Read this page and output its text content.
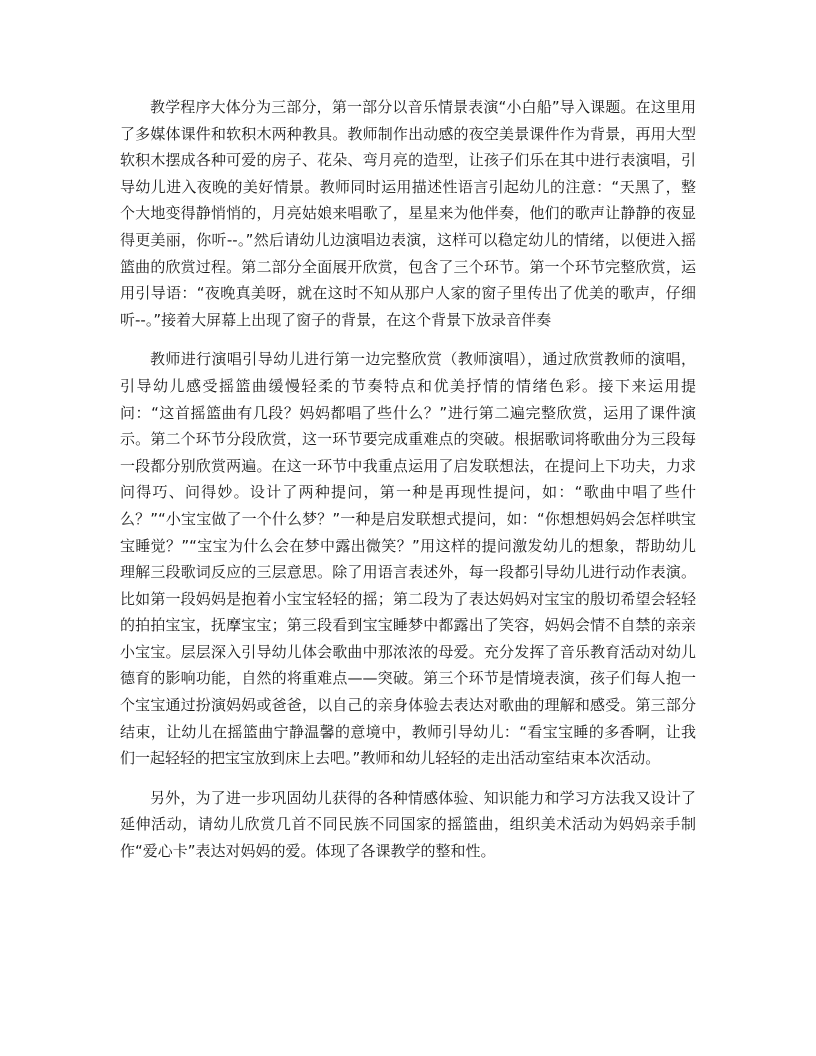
教学程序大体分为三部分，第一部分以音乐情景表演“小白船”导入课题。在这里用了多媒体课件和软积木两种教具。教师制作出动感的夜空美景课件作为背景，再用大型软积木摆成各种可爱的房子、花朵、弯月亮的造型，让孩子们乐在其中进行表演唱，引导幼儿进入夜晚的美好情景。教师同时运用描述性语言引起幼儿的注意：“天黑了，整个大地变得静悄悄的，月亮姑娘来唱歌了，星星来为他伴奏，他们的歌声让静静的夜显得更美丽，你听--。”然后请幼儿边演唱边表演，这样可以稳定幼儿的情绪，以便进入摇篮曲的欣赏过程。第二部分全面展开欣赏，包含了三个环节。第一个环节完整欣赏，运用引导语：“夜晚真美呀，就在这时不知从那户人家的窗子里传出了优美的歌声，仔细听--。”接着大屏幕上出现了窗子的背景，在这个背景下放录音伴奏

教师进行演唱引导幼儿进行第一边完整欣赏（教师演唱），通过欣赏教师的演唱，引导幼儿感受摇篮曲缓慢轻柔的节奏特点和优美抒情的情绪色彩。接下来运用提问：“这首摇篮曲有几段？妈妈都唱了些什么？”进行第二遍完整欣赏，运用了课件演示。第二个环节分段欣赏，这一环节要完成重难点的突破。根据歌词将歌曲分为三段每一段都分别欣赏两遍。在这一环节中我重点运用了启发联想法，在提问上下功夫，力求问得巧、问得妙。设计了两种提问，第一种是再现性提问，如：“歌曲中唱了些什么？”“小宝宝做了一个什么梦？”一种是启发联想式提问，如：“你想想妈妈会怎样哄宝宝睡觉？”“宝宝为什么会在梦中露出微笑？”用这样的提问激发幼儿的想象，帮助幼儿理解三段歌词反应的三层意思。除了用语言表述外，每一段都引导幼儿进行动作表演。比如第一段妈妈是抱着小宝宝轻轻的摇；第二段为了表达妈妈对宝宝的殷切希望会轻轻的拍拍宝宝，抚摩宝宝；第三段看到宝宝睡梦中都露出了笑容，妈妈会情不自禁的亲亲小宝宝。层层深入引导幼儿体会歌曲中那浓浓的母爱。充分发挥了音乐教育活动对幼儿德育的影响功能，自然的将重难点——突破。第三个环节是情境表演，孩子们每人抱一个宝宝通过扮演妈妈或爸爸，以自己的亲身体验去表达对歌曲的理解和感受。第三部分结束，让幼儿在摇篮曲宁静温馨的意境中，教师引导幼儿：“看宝宝睡的多香啊，让我们一起轻轻的把宝宝放到床上去吧。”教师和幼儿轻轻的走出活动室结束本次活动。

另外，为了进一步巩固幼儿获得的各种情感体验、知识能力和学习方法我又设计了延伸活动，请幼儿欣赏几首不同民族不同国家的摇篮曲，组织美术活动为妈妈亲手制作“爱心卡”表达对妈妈的爱。体现了各课教学的整和性。
